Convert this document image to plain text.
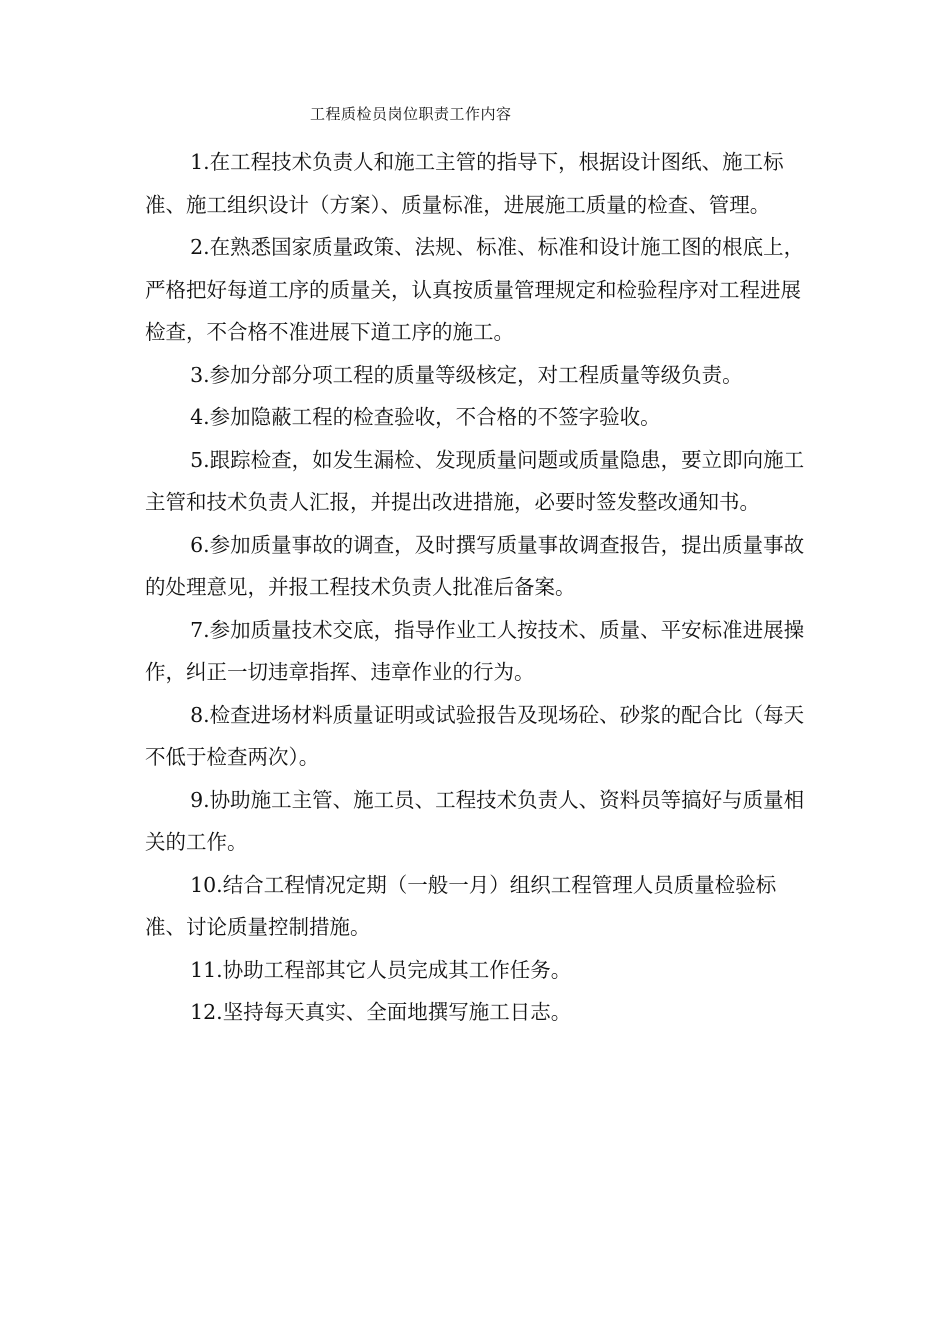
工程质检员岗位职责工作内容

1.在工程技术负责人和施工主管的指导下，根据设计图纸、施工标准、施工组织设计（方案）、质量标准，进展施工质量的检查、管理。

2.在熟悉国家质量政策、法规、标准、标准和设计施工图的根底上，严格把好每道工序的质量关，认真按质量管理规定和检验程序对工程进展检查，不合格不准进展下道工序的施工。

3.参加分部分项工程的质量等级核定，对工程质量等级负责。

4.参加隐蔽工程的检查验收，不合格的不签字验收。

5.跟踪检查，如发生漏检、发现质量问题或质量隐患，要立即向施工主管和技术负责人汇报，并提出改进措施，必要时签发整改通知书。

6.参加质量事故的调查，及时撰写质量事故调查报告，提出质量事故的处理意见，并报工程技术负责人批准后备案。

7.参加质量技术交底，指导作业工人按技术、质量、平安标准进展操作，纠正一切违章指挥、违章作业的行为。

8.检查进场材料质量证明或试验报告及现场砼、砂浆的配合比（每天不低于检查两次）。

9.协助施工主管、施工员、工程技术负责人、资料员等搞好与质量相关的工作。

10.结合工程情况定期（一般一月）组织工程管理人员质量检验标准、讨论质量控制措施。

11.协助工程部其它人员完成其工作任务。

12.坚持每天真实、全面地撰写施工日志。
